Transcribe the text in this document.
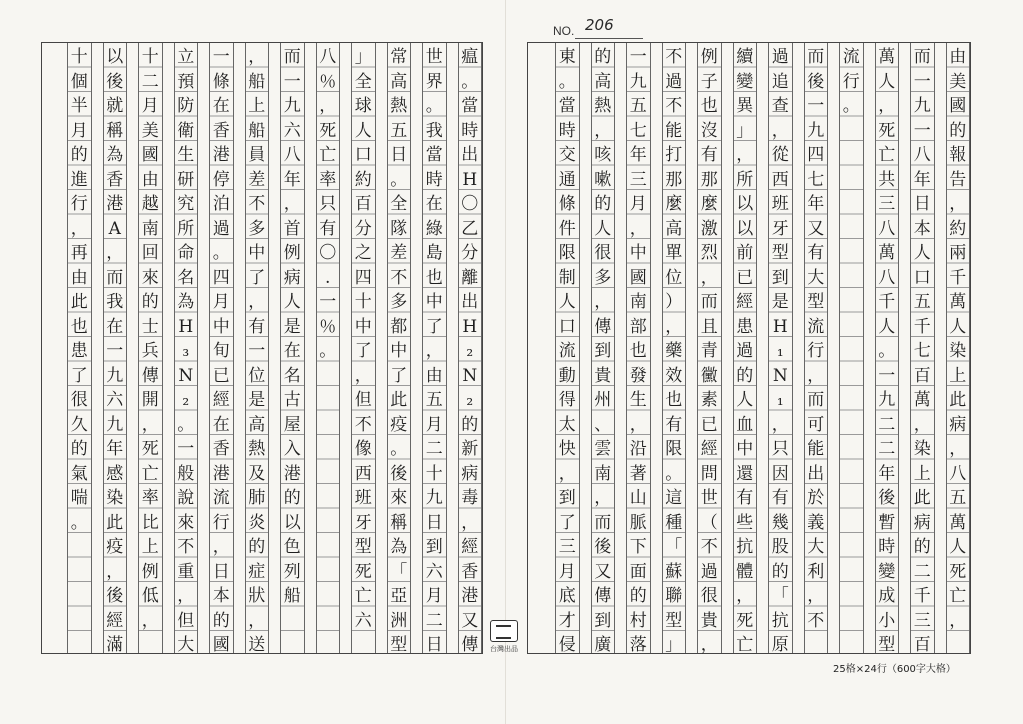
NO. 206
瘟
。
當
時
出
H
〇
乙
分
離
出
H
₂
N
₂
的
新
病
毒
，
經
香
港
又
傳
世
界
。
我
當
時
在
綠
島
也
中
了
，
由
五
月
二
十
九
日
到
六
月
二
日
常
高
熱
五
日
。
全
隊
差
不
多
都
中
了
此
疫
。
後
來
稱
為
「
亞
洲
型
」
全
球
人
口
約
百
分
之
四
十
中
了
，
但
不
像
西
班
牙
型
死
亡
六
八
％
，
死
亡
率
只
有
〇
.
一
％
。
而
一
九
六
八
年
，
首
例
病
人
是
在
名
古
屋
入
港
的
以
色
列
船
，
船
上
船
員
差
不
多
中
了
，
有
一
位
是
高
熱
及
肺
炎
的
症
狀
，
送
一
條
在
香
港
停
泊
過
。
四
月
中
旬
已
經
在
香
港
流
行
，
日
本
的
國
立
預
防
衛
生
研
究
所
命
名
為
H
₃
N
₂
。
一
般
說
來
不
重
，
但
大
十
二
月
美
國
由
越
南
回
來
的
士
兵
傳
開
，
死
亡
率
比
上
例
低
，
以
後
就
稱
為
香
港
A
，
而
我
在
一
九
六
九
年
感
染
此
疫
，
後
經
滿
十
個
半
月
的
進
行
，
再
由
此
也
患
了
很
久
的
氣
喘
。
由
美
國
的
報
告
，
約
兩
千
萬
人
染
上
此
病
，
八
五
萬
人
死
亡
，
而
一
九
一
八
年
日
本
人
口
五
千
七
百
萬
，
染
上
此
病
的
二
千
三
百
萬
人
，
死
亡
共
三
八
萬
八
千
人
。
一
九
二
二
年
後
暫
時
變
成
小
型
流
行
。
而
後
一
九
四
七
年
又
有
大
型
流
行
，
而
可
能
出
於
義
大
利
，
不
過
追
查
，
從
西
班
牙
型
到
是
H
₁
N
₁
，
只
因
有
幾
股
的
「
抗
原
續
變
異
」
，
所
以
以
前
已
經
患
過
的
人
血
中
還
有
些
抗
體
，
死
亡
例
子
也
沒
有
那
麼
激
烈
，
而
且
青
黴
素
已
經
問
世
（
不
過
很
貴
，
不
過
不
能
打
那
麼
高
單
位
）
，
藥
效
也
有
限
。
這
種
「
蘇
聯
型
」
一
九
五
七
年
三
月
，
中
國
南
部
也
發
生
，
沿
著
山
脈
下
面
的
村
落
的
高
熱
，
咳
嗽
的
人
很
多
，
傳
到
貴
州
、
雲
南
，
而
後
又
傳
到
廣
東
。
當
時
交
通
條
件
限
制
人
口
流
動
得
太
快
，
到
了
三
月
底
才
侵
台灣出品
25格×24行（600字大格）
